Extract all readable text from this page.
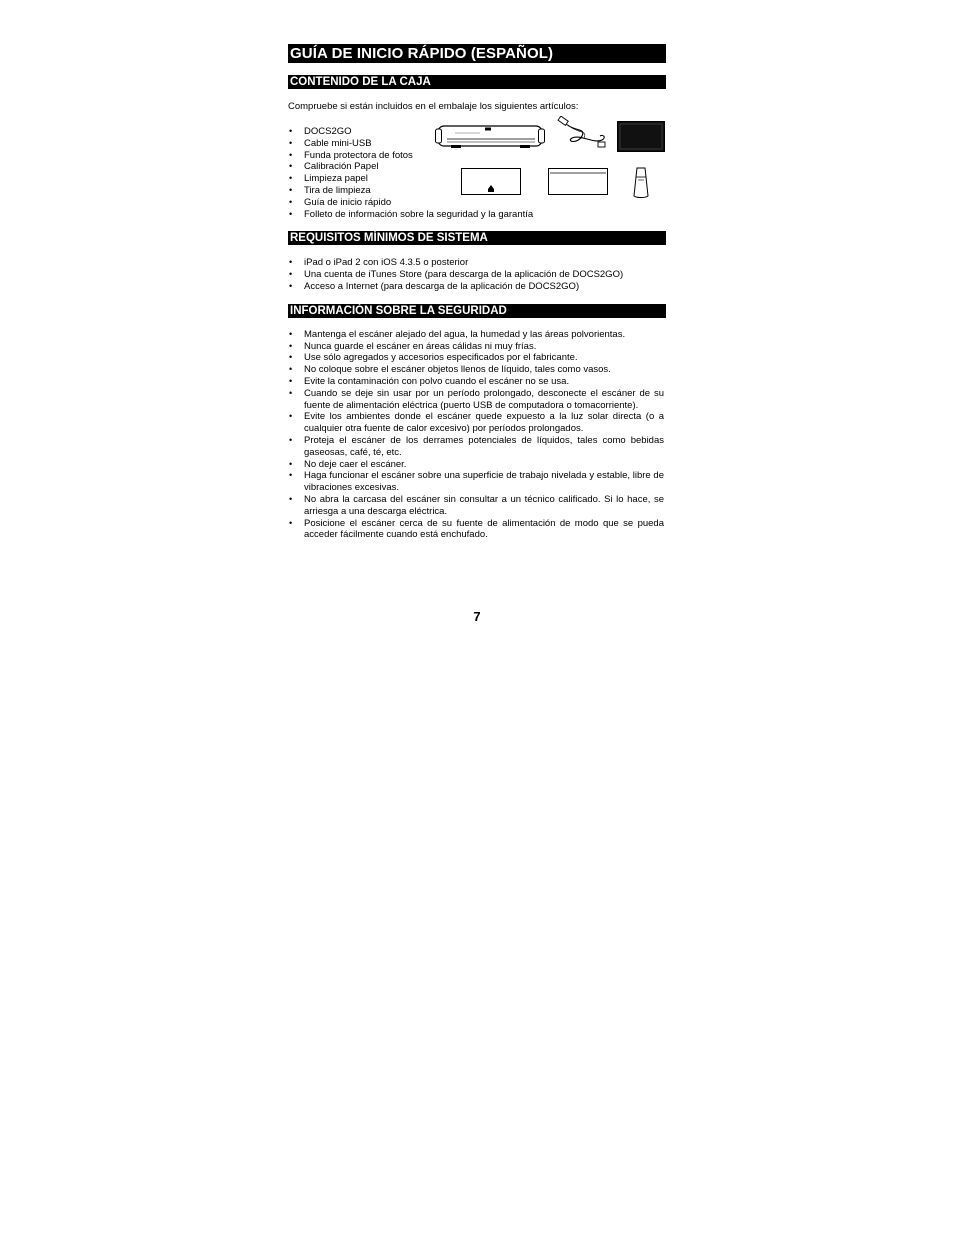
GUÍA DE INICIO RÁPIDO (ESPAÑOL)
CONTENIDO DE LA CAJA

Compruebe si están incluidos en el embalaje los siguientes artículos:

• DOCS2GO
• Cable mini-USB
• Funda protectora de fotos
• Calibración Papel
• Limpieza papel
• Tira de limpieza
• Guía de inicio rápido
• Folleto de información sobre la seguridad y la garantía
REQUISITOS MÍNIMOS DE SISTEMA
• iPad o iPad 2 con iOS 4.3.5 o posterior
• Una cuenta de iTunes Store (para descarga de la aplicación de DOCS2GO)
• Acceso a Internet (para descarga de la aplicación de DOCS2GO)
INFORMACIÓN SOBRE LA SEGURIDAD
• Mantenga el escáner alejado del agua, la humedad y las áreas polvorientas.
• Nunca guarde el escáner en áreas cálidas ni muy frías.
• Use sólo agregados y accesorios especificados por el fabricante.
• No coloque sobre el escáner objetos llenos de líquido, tales como vasos.
• Evite la contaminación con polvo cuando el escáner no se usa.
• Cuando se deje sin usar por un período prolongado, desconecte el escáner de su fuente de alimentación eléctrica (puerto USB de computadora o tomacorriente).
• Evite los ambientes donde el escáner quede expuesto a la luz solar directa (o a cualquier otra fuente de calor excesivo) por períodos prolongados.
• Proteja el escáner de los derrames potenciales de líquidos, tales como bebidas gaseosas, café, té, etc.
• No deje caer el escáner.
• Haga funcionar el escáner sobre una superficie de trabajo nivelada y estable, libre de vibraciones excesivas.
• No abra la carcasa del escáner sin consultar a un técnico calificado. Si lo hace, se arriesga a una descarga eléctrica.
• Posicione el escáner cerca de su fuente de alimentación de modo que se pueda acceder fácilmente cuando está enchufado.
7
